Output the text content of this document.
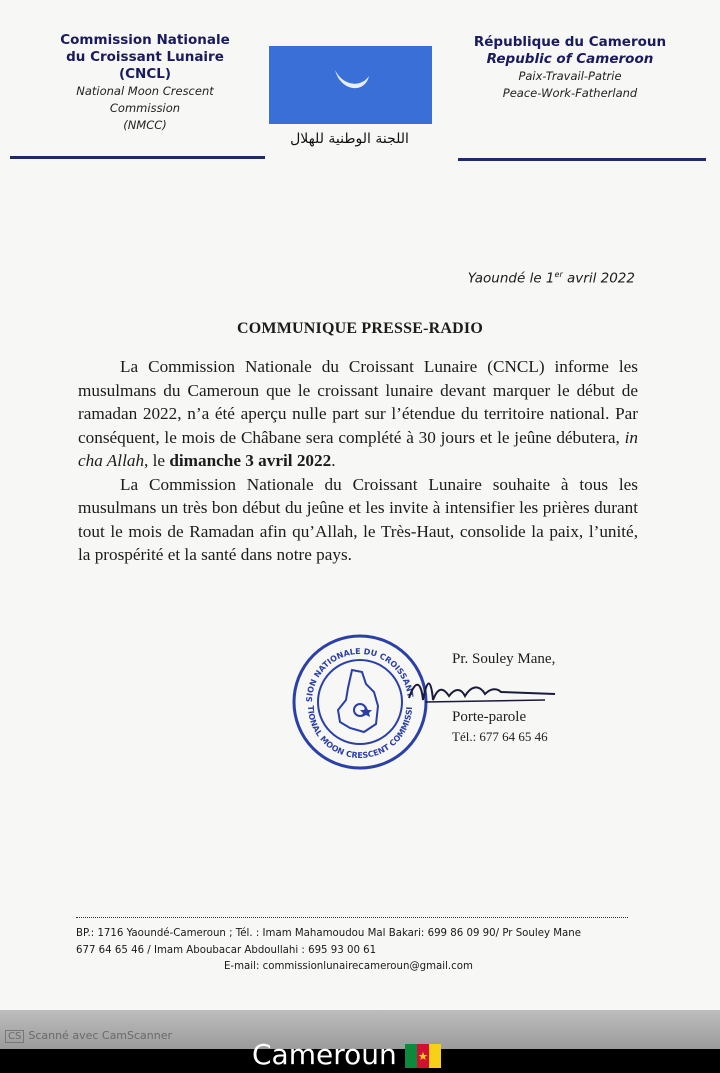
Commission Nationale
du Croissant Lunaire
(CNCL)
National Moon Crescent
Commission
(NMCC)
اللجنة الوطنية للهلال
République du Cameroun
Republic of Cameroon
Paix-Travail-Patrie
Peace-Work-Fatherland
Yaoundé le 1er avril 2022
COMMUNIQUE PRESSE-RADIO

La Commission Nationale du Croissant Lunaire (CNCL) informe les musulmans du Cameroun que le croissant lunaire devant marquer le début de ramadan 2022, n’a été aperçu nulle part sur l’étendue du territoire national. Par conséquent, le mois de Châbane sera complété à 30 jours et le jeûne débutera, in cha Allah, le dimanche 3 avril 2022.

La Commission Nationale du Croissant Lunaire souhaite à tous les musulmans un très bon début du jeûne et les invite à intensifier les prières durant tout le mois de Ramadan afin qu’Allah, le Très-Haut, consolide la paix, l’unité, la prospérité et la santé dans notre pays.

SION NATIONALE DU CROISSANT
TIONAL MOON CRESCENT COMMISSI
Pr. Souley Mane,
Porte-parole
Tél.: 677 64 65 46
BP.: 1716 Yaoundé-Cameroun ; Tél. : Imam Mahamoudou Mal Bakari: 699 86 09 90/ Pr Souley Mane
677 64 65 46 / Imam Aboubacar Abdoullahi : 695 93 00 61
E-mail: commissionlunairecameroun@gmail.com
CS Scanné avec CamScanner
Cameroun
